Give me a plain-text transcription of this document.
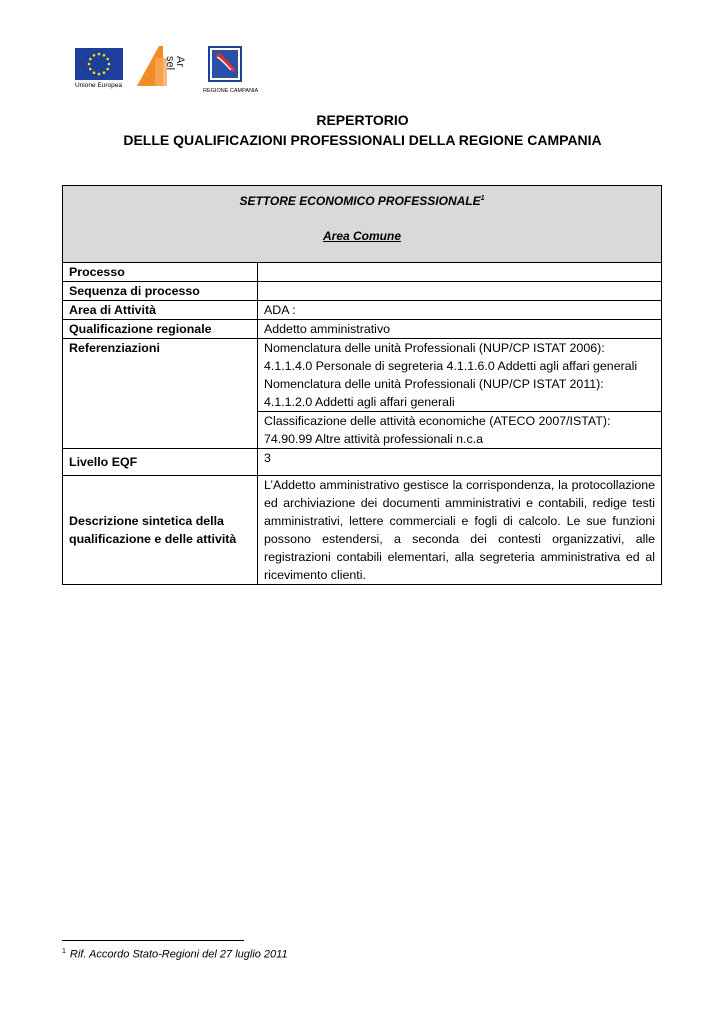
Unione Europea
Ar
sel
REGIONE CAMPANIA
REPERTORIO
DELLE QUALIFICAZIONI PROFESSIONALI DELLA REGIONE CAMPANIA
SETTORE ECONOMICO PROFESSIONALE$^1$
Area Comune	

Processo	
Sequenza di processo	
Area di Attività	ADA :
Qualificazione regionale	Addetto amministrativo
Referenziazioni	Nomenclatura delle unità Professionali (NUP/CP ISTAT 2006):
4.1.1.4.0 Personale di segreteria 4.1.1.6.0 Addetti agli affari generali
Nomenclatura delle unità Professionali (NUP/CP ISTAT 2011):
4.1.1.2.0 Addetti agli affari generali

	Classificazione delle attività economiche (ATECO 2007/ISTAT):
74.90.99 Altre attività professionali n.c.a

Livello EQF	3
Descrizione sintetica della qualificazione e delle attività	L’Addetto amministrativo gestisce la corrispondenza, la protocollazione ed archiviazione dei documenti amministrativi e contabili, redige testi amministrativi, lettere commerciali e fogli di calcolo. Le sue funzioni possono estendersi, a seconda dei contesti organizzativi, alle registrazioni contabili elementari, alla segreteria amministrativa ed al ricevimento clienti.
$^1$ Rif. Accordo Stato-Regioni del 27 luglio 2011
